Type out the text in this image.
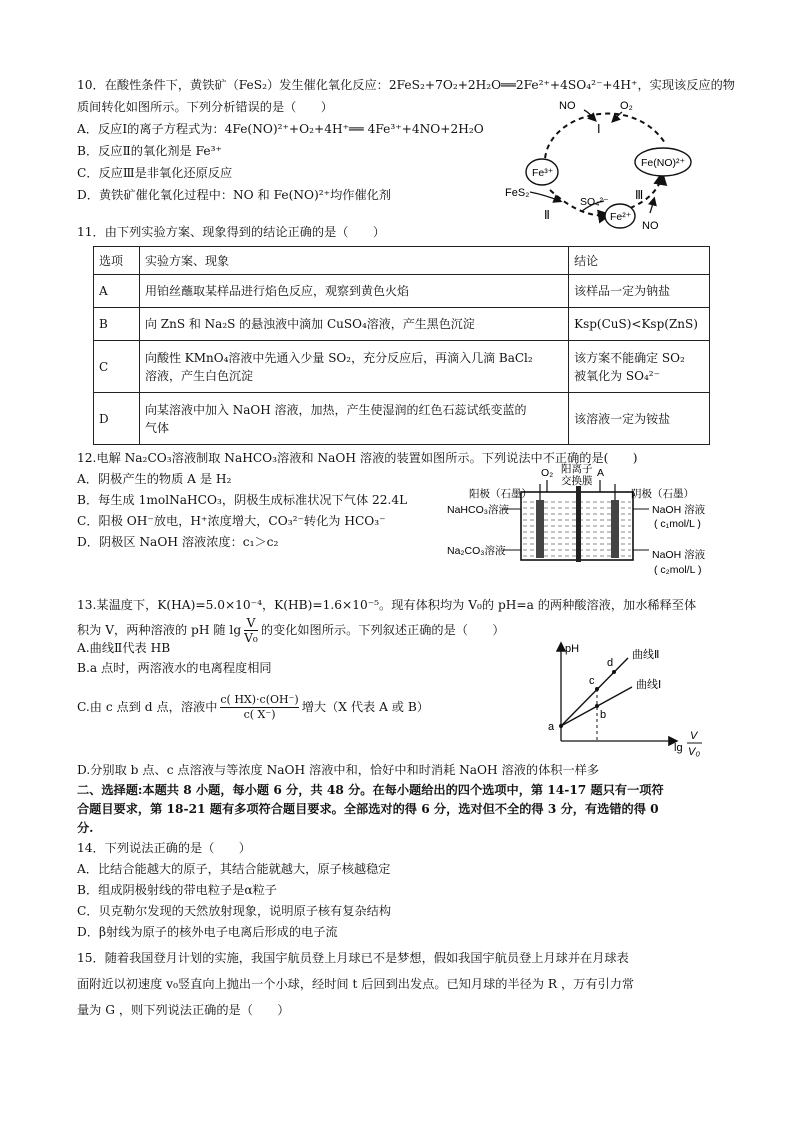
10．在酸性条件下，黄铁矿（FeS₂）发生催化氧化反应：2FeS₂+7O₂+2H₂O══2Fe²⁺+4SO₄²⁻+4H⁺，实现该反应的物
质间转化如图所示。下列分析错误的是（　　）
A．反应Ⅰ的离子方程式为：4Fe(NO)²⁺+O₂+4H⁺══ 4Fe³⁺+4NO+2H₂O
B．反应Ⅱ的氧化剂是 Fe³⁺
C．反应Ⅲ是非氧化还原反应
D．黄铁矿催化氧化过程中：NO 和 Fe(NO)²⁺均作催化剂
NO	O₂
Ⅰ
Fe³⁺
Fe(NO)²⁺
FeS₂
SO₄²⁻
Ⅱ
Ⅲ
Fe²⁺
NO
11．由下列实验方案、现象得到的结论正确的是（　　）
选项	实验方案、现象	结论
A	用铂丝蘸取某样品进行焰色反应，观察到黄色火焰	该样品一定为钠盐
B	向 ZnS 和 Na₂S 的悬浊液中滴加 CuSO₄溶液，产生黑色沉淀	Ksp(CuS)<Ksp(ZnS)
C	向酸性 KMnO₄溶液中先通入少量 SO₂，充分反应后，再滴入几滴 BaCl₂
溶液，产生白色沉淀	该方案不能确定 SO₂
被氧化为 SO₄²⁻
D	向某溶液中加入 NaOH 溶液，加热，产生使湿润的红色石蕊试纸变蓝的
气体	该溶液一定为铵盐
12.电解 Na₂CO₃溶液制取 NaHCO₃溶液和 NaOH 溶液的装置如图所示。下列说法中不正确的是(　　)
A．阴极产生的物质 A 是 H₂
B．每生成 1molNaHCO₃，阴极生成标准状况下气体 22.4L
C．阳极 OH⁻放电，H⁺浓度增大，CO₃²⁻转化为 HCO₃⁻
D．阴极区 NaOH 溶液浓度：c₁＞c₂
O₂ 阳离子
交换膜
A
阳极（石墨）	阴极（石墨）
NaHCO₃溶液
Na₂CO₃溶液
NaOH 溶液
( c₁mol/L )
NaOH 溶液
( c₂mol/L )
13.某温度下，K(HA)=5.0×10⁻⁴，K(HB)=1.6×10⁻⁵。现有体积均为 V₀的 pH=a 的两种酸溶液，加水稀释至体
积为 V，两种溶液的 pH 随 $\lg \frac{V}{\text{V₀}}$ 的变化如图所示。下列叙述正确的是（　　）
A.曲线Ⅱ代表 HB
B.a 点时，两溶液水的电离程度相同
C.由 c 点到 d 点，溶液中 $\frac{c( HX)\cdot c(OH^-)}{c( X^-)}$ 增大（X 代表 A 或 B）
D.分别取 b 点、c 点溶液与等浓度 NaOH 溶液中和，恰好中和时消耗 NaOH 溶液的体积一样多
pH
lg
V
V₀
曲线Ⅱ
曲线Ⅰ
a
b
c
d
二、选择题:本题共 8 小题，每小题 6 分，共 48 分。在每小题给出的四个选项中，第 14-17 题只有一项符
合题目要求，第 18-21 题有多项符合题目要求。全部选对的得 6 分，选对但不全的得 3 分，有选错的得 0
分.
14．下列说法正确的是（　　）
A．比结合能越大的原子，其结合能就越大，原子核越稳定
B．组成阴极射线的带电粒子是α粒子
C．贝克勒尔发现的天然放射现象，说明原子核有复杂结构
D．β射线为原子的核外电子电离后形成的电子流
15．随着我国登月计划的实施，我国宇航员登上月球已不是梦想，假如我国宇航员登上月球并在月球表
面附近以初速度 v₀竖直向上抛出一个小球，经时间 t 后回到出发点。已知月球的半径为 R ，万有引力常
量为 G ，则下列说法正确的是（　　）
